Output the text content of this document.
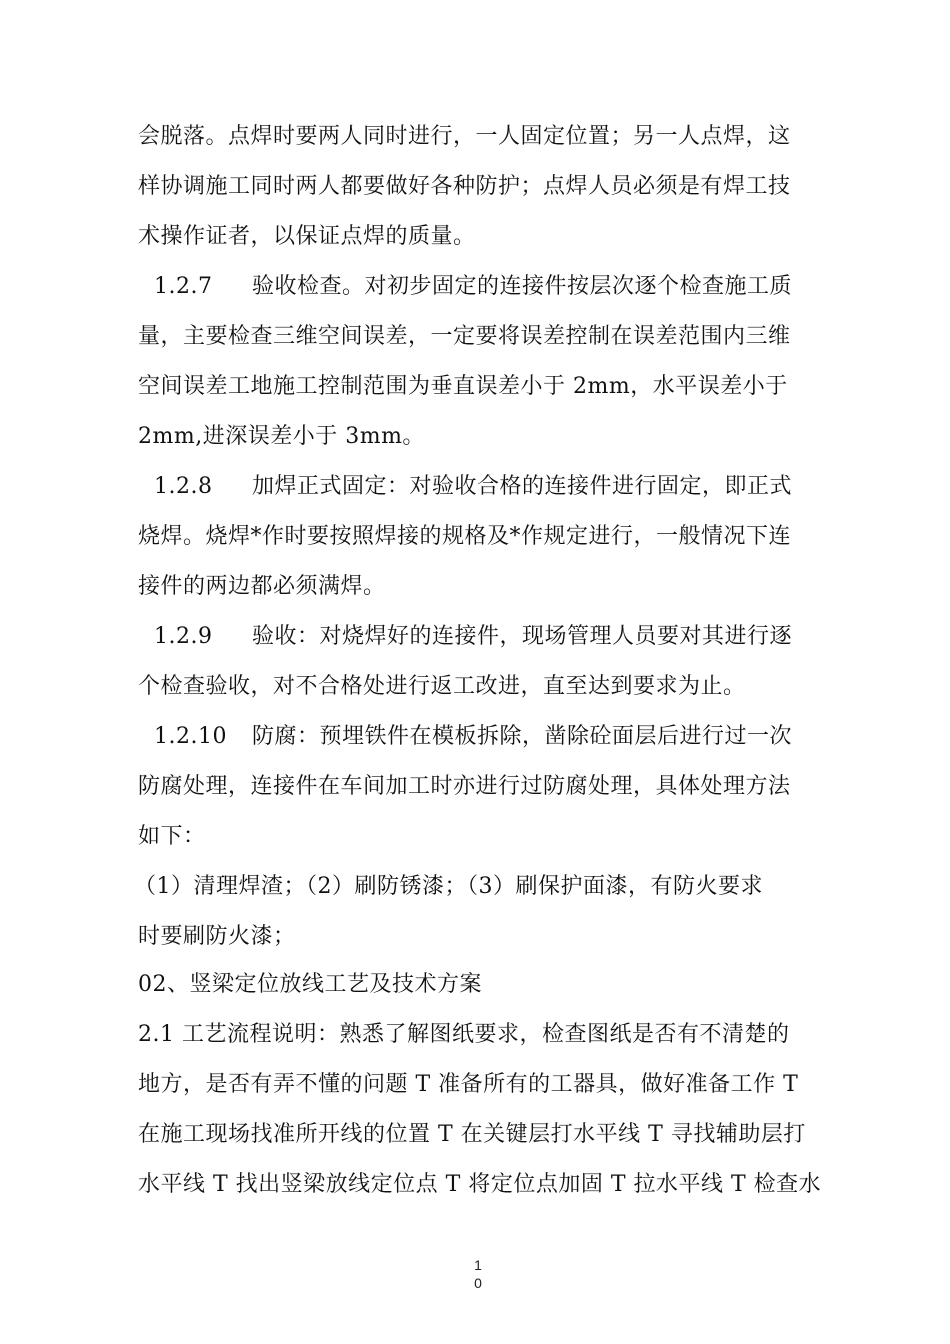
会脱落。点焊时要两人同时进行，一人固定位置；另一人点焊，这
样协调施工同时两人都要做好各种防护；点焊人员必须是有焊工技
术操作证者，以保证点焊的质量。
1.2.7 验收检查。对初步固定的连接件按层次逐个检查施工质
量，主要检查三维空间误差，一定要将误差控制在误差范围内三维
空间误差工地施工控制范围为垂直误差小于 2mm，水平误差小于
2mm,进深误差小于 3mm。
1.2.8 加焊正式固定：对验收合格的连接件进行固定，即正式
烧焊。烧焊*作时要按照焊接的规格及*作规定进行，一般情况下连
接件的两边都必须满焊。
1.2.9 验收：对烧焊好的连接件，现场管理人员要对其进行逐
个检查验收，对不合格处进行返工改进，直至达到要求为止。
1.2.10 防腐：预埋铁件在模板拆除，凿除砼面层后进行过一次
防腐处理，连接件在车间加工时亦进行过防腐处理，具体处理方法
如下：
（1）清理焊渣；（2）刷防锈漆；（3）刷保护面漆，有防火要求
时要刷防火漆；
02、竖梁定位放线工艺及技术方案
2.1 工艺流程说明：熟悉了解图纸要求，检查图纸是否有不清楚的
地方，是否有弄不懂的问题 T 准备所有的工器具，做好准备工作 T
在施工现场找准所开线的位置 T 在关键层打水平线 T 寻找辅助层打
水平线 T 找出竖梁放线定位点 T 将定位点加固 T 拉水平线 T 检查水
1
0
